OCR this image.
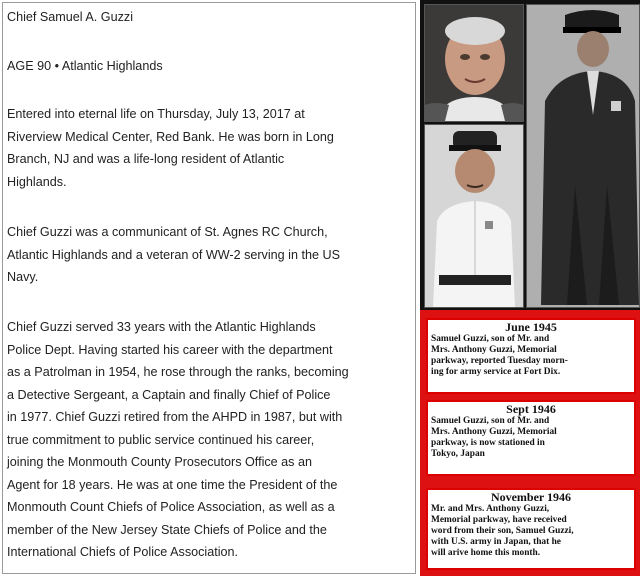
Chief Samuel A. Guzzi
AGE 90 • Atlantic Highlands

Entered into eternal life on Thursday, July 13, 2017 at

Riverview Medical Center, Red Bank. He was born in Long

Branch, NJ and was a life-long resident of Atlantic

Highlands.

Chief Guzzi was a communicant of St. Agnes RC Church,

Atlantic Highlands and a veteran of WW-2 serving in the US

Navy.

Chief Guzzi served 33 years with the Atlantic Highlands

Police Dept. Having started his career with the department

as a Patrolman in 1954, he rose through the ranks, becoming

a Detective Sergeant, a Captain and finally Chief of Police

in 1977. Chief Guzzi retired from the AHPD in 1987, but with

true commitment to public service continued his career,

joining the Monmouth County Prosecutors Office as an

Agent for 18 years. He was at one time the President of the

Monmouth Count Chiefs of Police Association, as well as a

member of the New Jersey State Chiefs of Police and the

International Chiefs of Police Association.

June 1945
Samuel Guzzi, son of Mr. and
Mrs. Anthony Guzzi, Memorial
parkway, reported Tuesday morn-
ing for army service at Fort Dix.
Sept 1946
Samuel Guzzi, son of Mr. and
Mrs. Anthony Guzzi, Memorial
parkway, is now stationed in
Tokyo, Japan
November 1946
Mr. and Mrs. Anthony Guzzi,
Memorial parkway, have received
word from their son, Samuel Guzzi,
with U.S. army in Japan, that he
will arive home this month.
